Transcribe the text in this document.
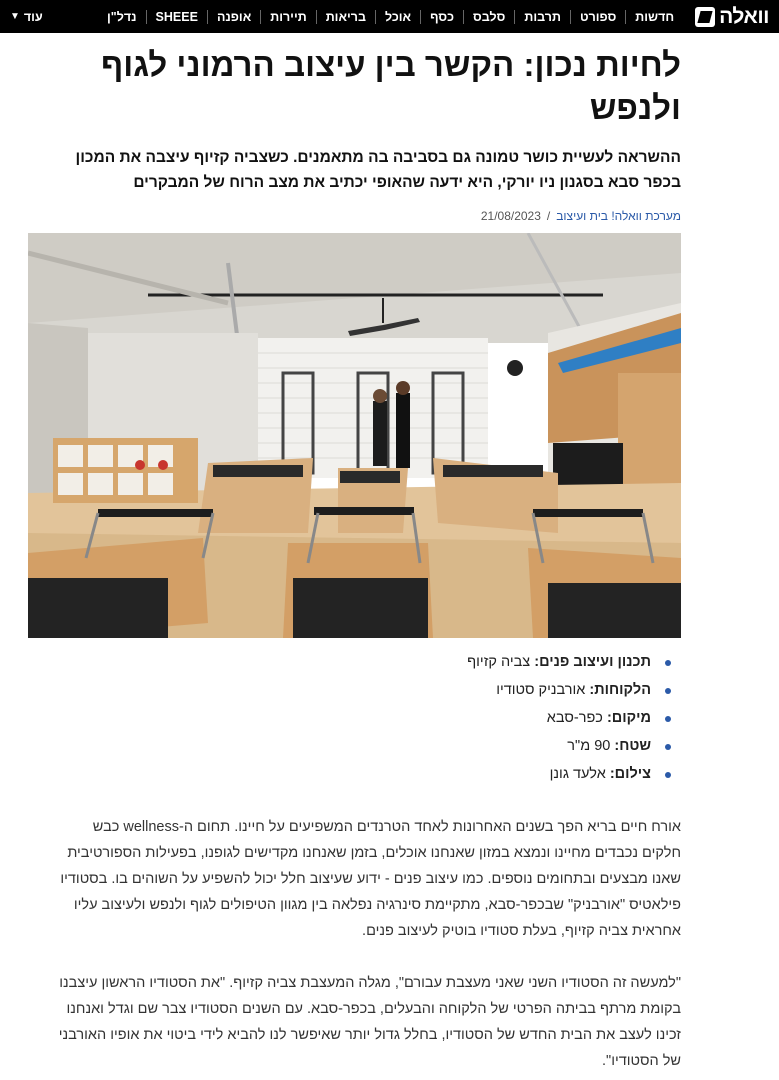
וואלה
חדשות
ספורט
תרבות
סלבס
כסף
אוכל
בריאות
תיירות
אופנה
SHEEE
נדל"ן
עוד
▼
לחיות נכון: הקשר בין עיצוב הרמוני לגוף ולנפש

ההשראה לעשיית כושר טמונה גם בסביבה בה מתאמנים. כשצביה קזיוף עיצבה את המכון בכפר סבא בסגנון ניו יורקי, היא ידעה שהאופי יכתיב את מצב הרוח של המבקרים

מערכת וואלה! בית ועיצוב
/
21/08/2023
תכנון ועיצוב פנים: צביה קזיוף
הלקוחות: אורבניק סטודיו
מיקום: כפר-סבא
שטח: 90 מ"ר
צילום: אלעד גונן

אורח חיים בריא הפך בשנים האחרונות לאחד הטרנדים המשפיעים על חיינו. תחום ה-wellness כבש חלקים נכבדים מחיינו ונמצא במזון שאנחנו אוכלים, בזמן שאנחנו מקדישים לגופנו, בפעילות הספורטיבית שאנו מבצעים ובתחומים נוספים. כמו עיצוב פנים - ידוע שעיצוב חלל יכול להשפיע על השוהים בו. בסטודיו פילאטיס "אורבניק" שבכפר-סבא, מתקיימת סינרגיה נפלאה בין מגוון הטיפולים לגוף ולנפש ולעיצוב עליו אחראית צביה קזיוף, בעלת סטודיו בוטיק לעיצוב פנים.

"למעשה זה הסטודיו השני שאני מעצבת עבורם", מגלה המעצבת צביה קזיוף. "את הסטודיו הראשון עיצבנו בקומת מרתף בביתה הפרטי של הלקוחה והבעלים, בכפר-סבא. עם השנים הסטודיו צבר שם וגדל ואנחנו זכינו לעצב את הבית החדש של הסטודיו, בחלל גדול יותר שאיפשר לנו להביא לידי ביטוי את אופיו האורבני של הסטודיו".
